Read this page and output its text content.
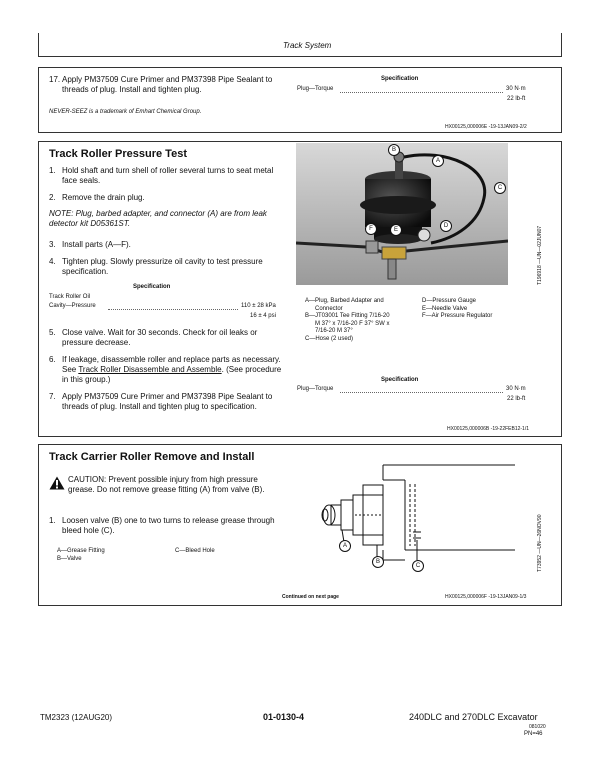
Track System
17. Apply PM37509 Cure Primer and PM37398 Pipe Sealant to threads of plug. Install and tighten plug.
NEVER-SEEZ is a trademark of Emhart Chemical Group.
Specification
Plug—Torque	30 N·m
22 lb-ft
HX00125,000006E -19-13JAN09-2/2
Track Roller Pressure Test
1. Hold shaft and turn shell of roller several turns to seat metal face seals.
2. Remove the drain plug.
NOTE: Plug, barbed adapter, and connector (A) are from leak detector kit D05361ST.
3. Install parts (A—F).
4. Tighten plug. Slowly pressurize oil cavity to test pressure specification.
Specification
Track Roller Oil
Cavity—Pressure	110 ± 28 kPa
16 ± 4 psi
5. Close valve. Wait for 30 seconds. Check for oil leaks or pressure decrease.
6. If leakage, disassemble roller and replace parts as necessary. See Track Roller Disassemble and Assemble. (See procedure in this group.)
7. Apply PM37509 Cure Primer and PM37398 Pipe Sealant to threads of plug. Install and tighten plug to specification.
B
A
C
D
E
F	T196918 —UN—02JUN07
A—Plug, Barbed Adapter and
Connector
B—JT03001 Tee Fitting 7/16-20
M 37° x 7/16-20 F 37° SW x
7/16-20 M 37°
C—Hose (2 used)
D—Pressure Gauge
E—Needle Valve
F—Air Pressure Regulator
Specification
Plug—Torque	30 N·m
22 lb-ft
HX00125,000006B -19-22FEB12-1/1
Track Carrier Roller Remove and Install
CAUTION: Prevent possible injury from high pressure grease. Do not remove grease fitting (A) from valve (B).
1. Loosen valve (B) one to two turns to release grease through bleed hole (C).
A—Grease Fitting
B—Valve
C—Bleed Hole
A
B
C	T73952 —UN—26NOV90
Continued on next page	HX00125,000006F -19-13JAN09-1/3
TM2323 (12AUG20)	01-0130-4	240DLC and 270DLC Excavator
081020
PN=46
